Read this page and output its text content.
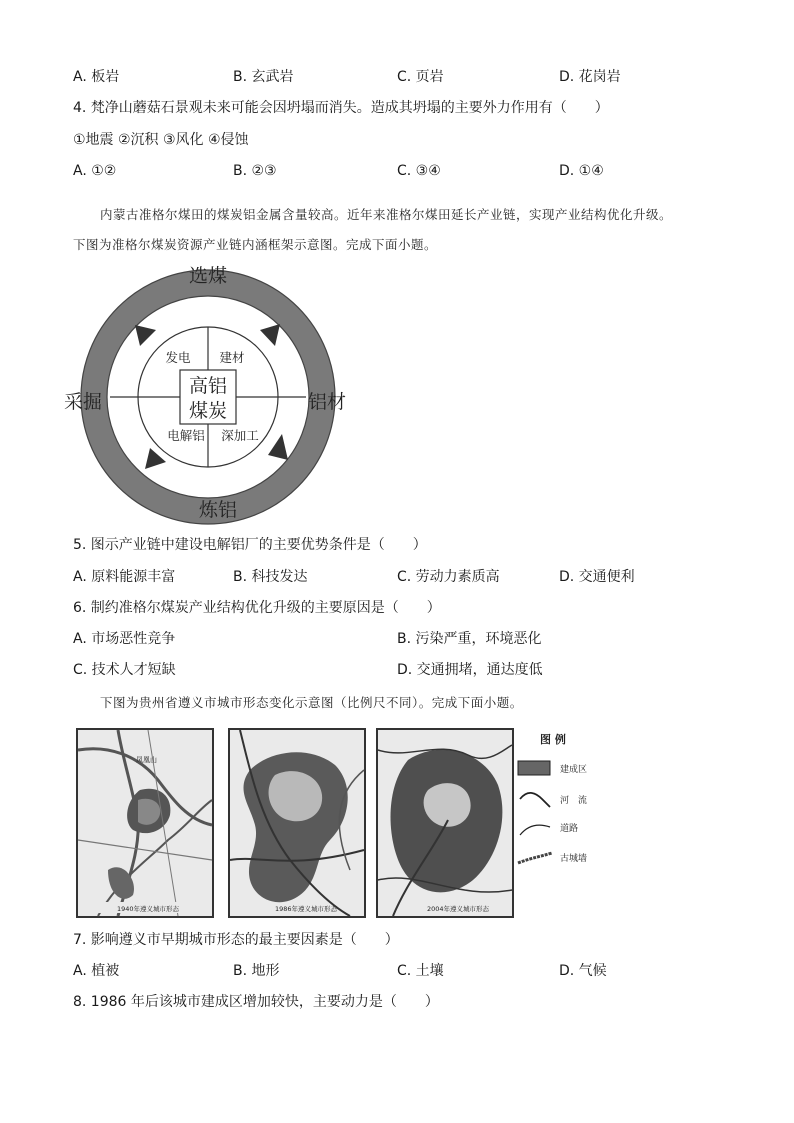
A. 板岩	B. 玄武岩	C. 页岩	D. 花岗岩
4. 梵净山蘑菇石景观未来可能会因坍塌而消失。造成其坍塌的主要外力作用有（　　）
①地震 ②沉积 ③风化 ④侵蚀
A. ①②	B. ②③	C. ③④	D. ①④
内蒙古准格尔煤田的煤炭铝金属含量较高。近年来准格尔煤田延长产业链，实现产业结构优化升级。
下图为准格尔煤炭资源产业链内涵框架示意图。完成下面小题。
选煤
采掘	铝材
炼铝
高铝
煤炭
发电 建材
电解铝 深加工
5. 图示产业链中建设电解铝厂的主要优势条件是（　　）
A. 原料能源丰富	B. 科技发达	C. 劳动力素质高	D. 交通便利
6. 制约准格尔煤炭产业结构优化升级的主要原因是（　　）
A. 市场恶性竞争	B. 污染严重，环境恶化
C. 技术人才短缺	D. 交通拥堵，通达度低
下图为贵州省遵义市城市形态变化示意图（比例尺不同）。完成下面小题。
凤凰山
1940年遵义城市形态	1986年遵义城市形态	2004年遵义城市形态
图 例
建成区
河　流
道路
古城墙
7. 影响遵义市早期城市形态的最主要因素是（　　）
A. 植被	B. 地形	C. 土壤	D. 气候
8. 1986 年后该城市建成区增加较快，主要动力是（　　）
